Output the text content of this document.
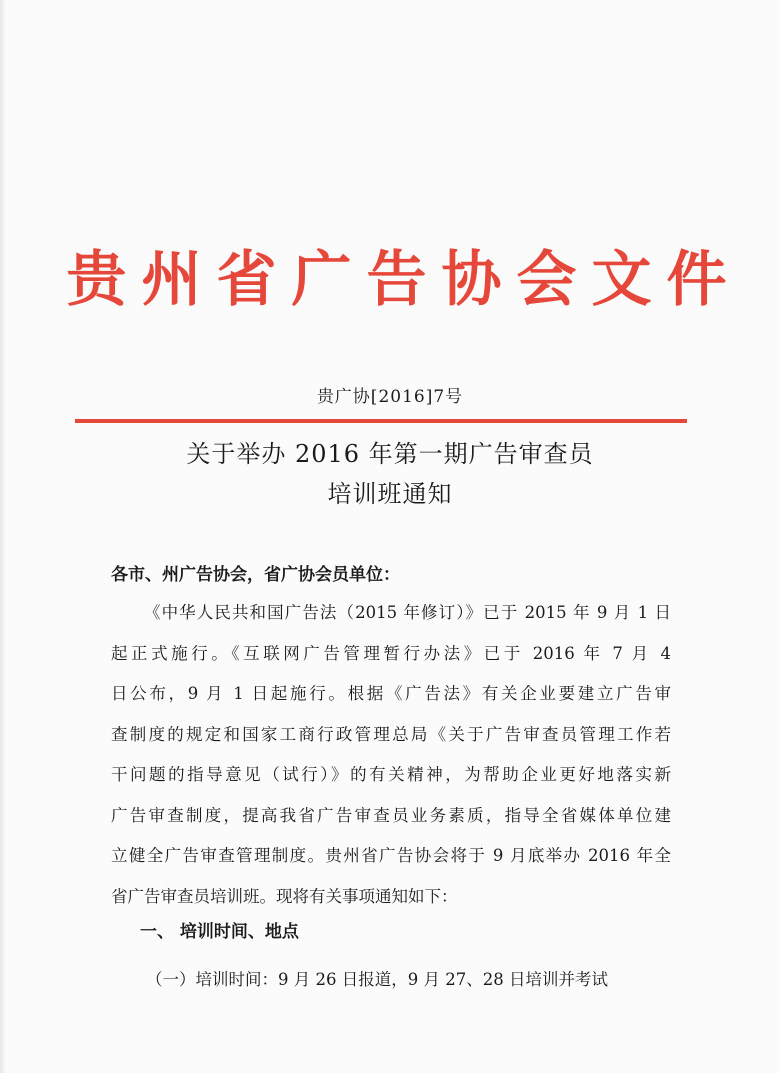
贵州省广告协会文件
贵广协[2016]7号
关于举办 2016 年第一期广告审查员
培训班通知
各市、州广告协会，省广协会员单位：

《中华人民共和国广告法（2015 年修订）》已于 2015 年 9 月 1 日
起正式施行。《互联网广告管理暂行办法》已于 2016 年 7 月 4
日公布，9 月 1 日起施行。根据《广告法》有关企业要建立广告审
查制度的规定和国家工商行政管理总局《关于广告审查员管理工作若
干问题的指导意见（试行）》的有关精神，为帮助企业更好地落实新
广告审查制度，提高我省广告审查员业务素质，指导全省媒体单位建
立健全广告审查管理制度。贵州省广告协会将于 9 月底举办 2016 年全
省广告审查员培训班。现将有关事项通知如下：

一、 培训时间、地点
（一）培训时间：9 月 26 日报道，9 月 27、28 日培训并考试
